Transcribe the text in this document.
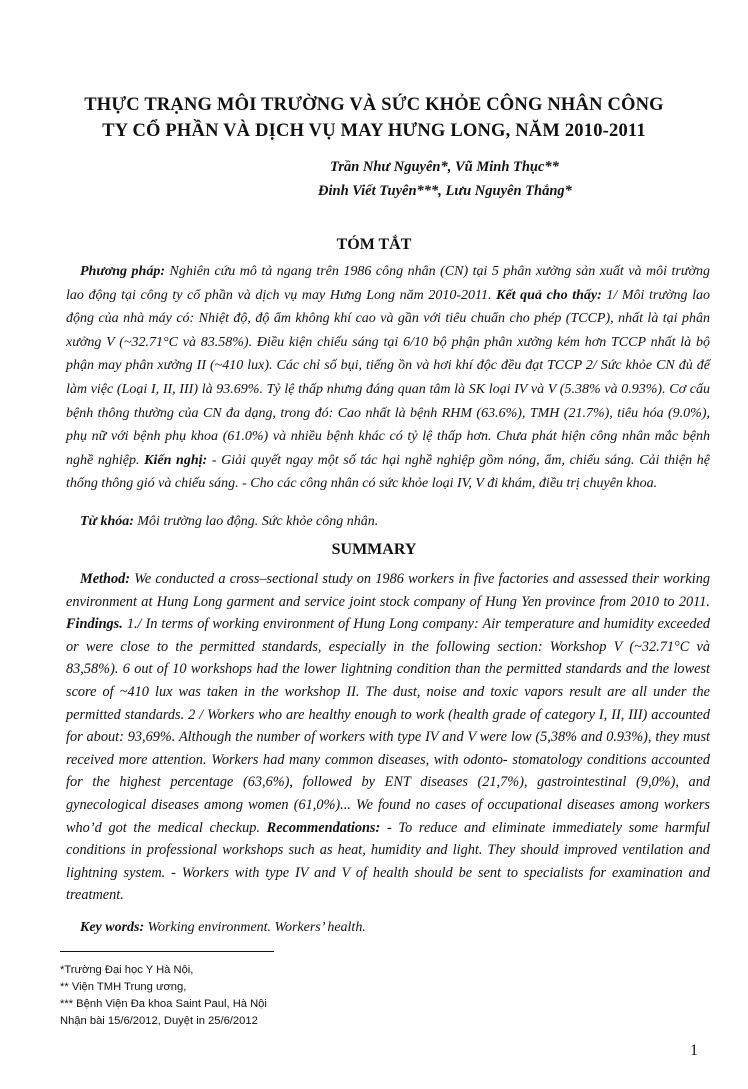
THỰC TRẠNG MÔI TRƯỜNG VÀ SỨC KHỎE CÔNG NHÂN CÔNG
TY CỔ PHẦN VÀ DỊCH VỤ MAY HƯNG LONG, NĂM 2010-2011
Trần Như Nguyên*, Vũ Minh Thục**
Đinh Viết Tuyên***, Lưu Nguyên Thắng*
TÓM TẮT

Phương pháp: Nghiên cứu mô tả ngang trên 1986 công nhân (CN) tại 5 phân xưởng sản xuất và môi trường lao động tại công ty cổ phần và dịch vụ may Hưng Long năm 2010-2011. Kết quả cho thấy: 1/ Môi trường lao động của nhà máy có: Nhiệt độ, độ ẩm không khí cao và gần với tiêu chuẩn cho phép (TCCP), nhất là tại phân xưởng V (~32.71°C và 83.58%). Điều kiện chiếu sáng tại 6/10 bộ phận phân xưởng kém hơn TCCP nhất là bộ phận may phân xưởng II (~410 lux). Các chỉ số bụi, tiếng ồn và hơi khí độc đều đạt TCCP 2/ Sức khỏe CN đủ để làm việc (Loại I, II, III) là 93.69%. Tỷ lệ thấp nhưng đáng quan tâm là SK loại IV và V (5.38% và 0.93%). Cơ cấu bệnh thông thường của CN đa dạng, trong đó: Cao nhất là bệnh RHM (63.6%), TMH (21.7%), tiêu hóa (9.0%), phụ nữ với bệnh phụ khoa (61.0%) và nhiều bệnh khác có tỷ lệ thấp hơn. Chưa phát hiện công nhân mắc bệnh nghề nghiệp. Kiến nghị: - Giải quyết ngay một số tác hại nghề nghiệp gồm nóng, ẩm, chiếu sáng. Cải thiện hệ thống thông gió và chiếu sáng. - Cho các công nhân có sức khỏe loại IV, V đi khám, điều trị chuyên khoa.

Từ khóa: Môi trường lao động. Sức khỏe công nhân.
SUMMARY

Method: We conducted a cross–sectional study on 1986 workers in five factories and assessed their working environment at Hung Long garment and service joint stock company of Hung Yen province from 2010 to 2011. Findings. 1./ In terms of working environment of Hung Long company: Air temperature and humidity exceeded or were close to the permitted standards, especially in the following section: Workshop V (~32.71°C và 83,58%). 6 out of 10 workshops had the lower lightning condition than the permitted standards and the lowest score of ~410 lux was taken in the workshop II. The dust, noise and toxic vapors result are all under the permitted standards. 2 / Workers who are healthy enough to work (health grade of category I, II, III) accounted for about: 93,69%. Although the number of workers with type IV and V were low (5,38% and 0.93%), they must received more attention. Workers had many common diseases, with odonto- stomatology conditions accounted for the highest percentage (63,6%), followed by ENT diseases (21,7%), gastrointestinal (9,0%), and gynecological diseases among women (61,0%)... We found no cases of occupational diseases among workers who’d got the medical checkup. Recommendations: - To reduce and eliminate immediately some harmful conditions in professional workshops such as heat, humidity and light. They should improved ventilation and lightning system. - Workers with type IV and V of health should be sent to specialists for examination and treatment.

Key words: Working environment. Workers’ health.
*Trường Đại học Y Hà Nội,
** Viện TMH Trung ương,
*** Bệnh Viện Đa khoa Saint Paul, Hà Nội
Nhận bài 15/6/2012, Duyệt in 25/6/2012
1
